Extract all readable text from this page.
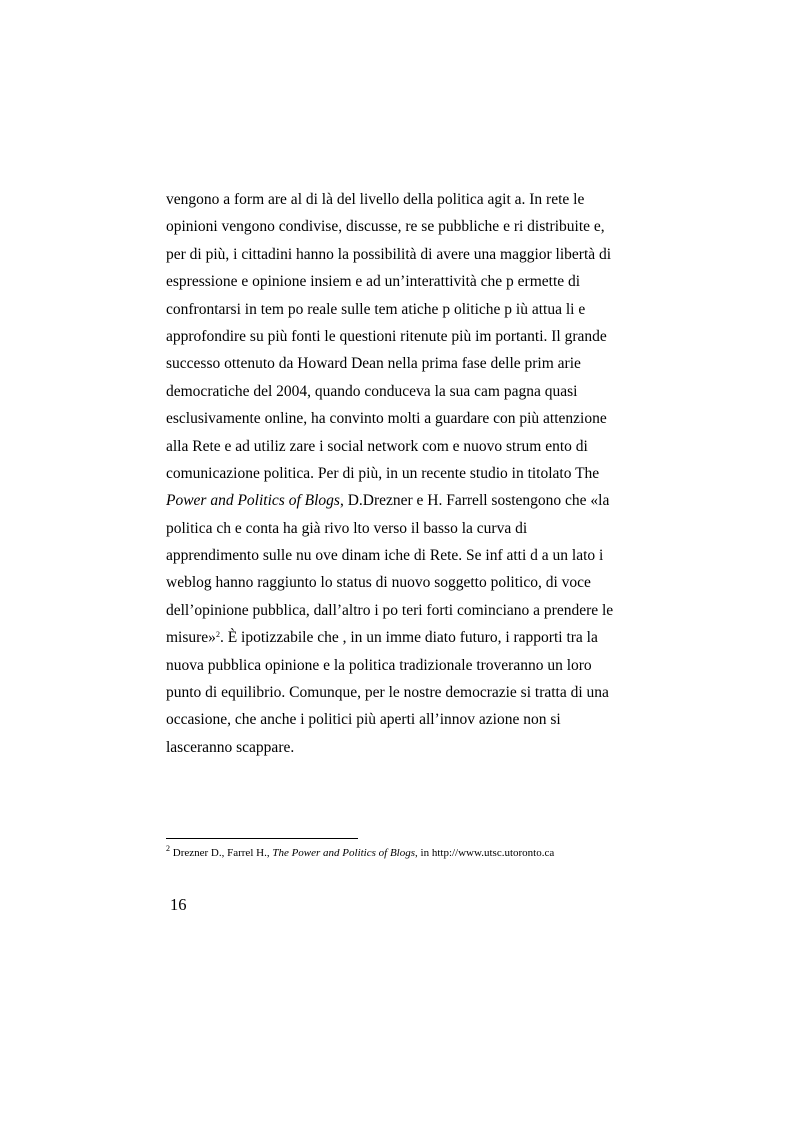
vengono a form are al di là del livello della politica agit a. In rete le
opinioni vengono condivise, discusse, re se pubbliche e ri distribuite e,
per di più, i cittadini hanno la possibilità di avere una maggior libertà di
espressione e opinione insiem e ad un’interattività che p ermette di
confrontarsi in tem po reale sulle tem atiche p olitiche p iù attua li e
approfondire su più fonti le questioni ritenute più im portanti. Il grande
successo ottenuto da Howard Dean nella prima fase delle prim arie
democratiche del 2004, quando conduceva la sua cam pagna quasi
esclusivamente online, ha convinto molti a guardare con più attenzione
alla Rete e ad utiliz zare i social network com e nuovo strum ento di
comunicazione politica. Per di più, in un recente studio in titolato The
Power and Politics of Blogs, D.Drezner e H. Farrell sostengono che «la
politica ch e conta ha già rivo lto verso il basso la curva di
apprendimento sulle nu ove dinam iche di Rete. Se inf atti d a un lato i
weblog hanno raggiunto lo status di nuovo soggetto politico, di voce
dell’opinione pubblica, dall’altro i po teri forti cominciano a prendere le
misure»$^2$. È ipotizzabile che , in un imme diato futuro, i rapporti tra la
nuova pubblica opinione e la politica tradizionale troveranno un loro
punto di equilibrio. Comunque, per le nostre democrazie si tratta di una
occasione, che anche i politici più aperti all’innov azione non si
lasceranno scappare.
$^2$ Drezner D., Farrel H., The Power and Politics of Blogs, in http://www.utsc.utoronto.ca
16
